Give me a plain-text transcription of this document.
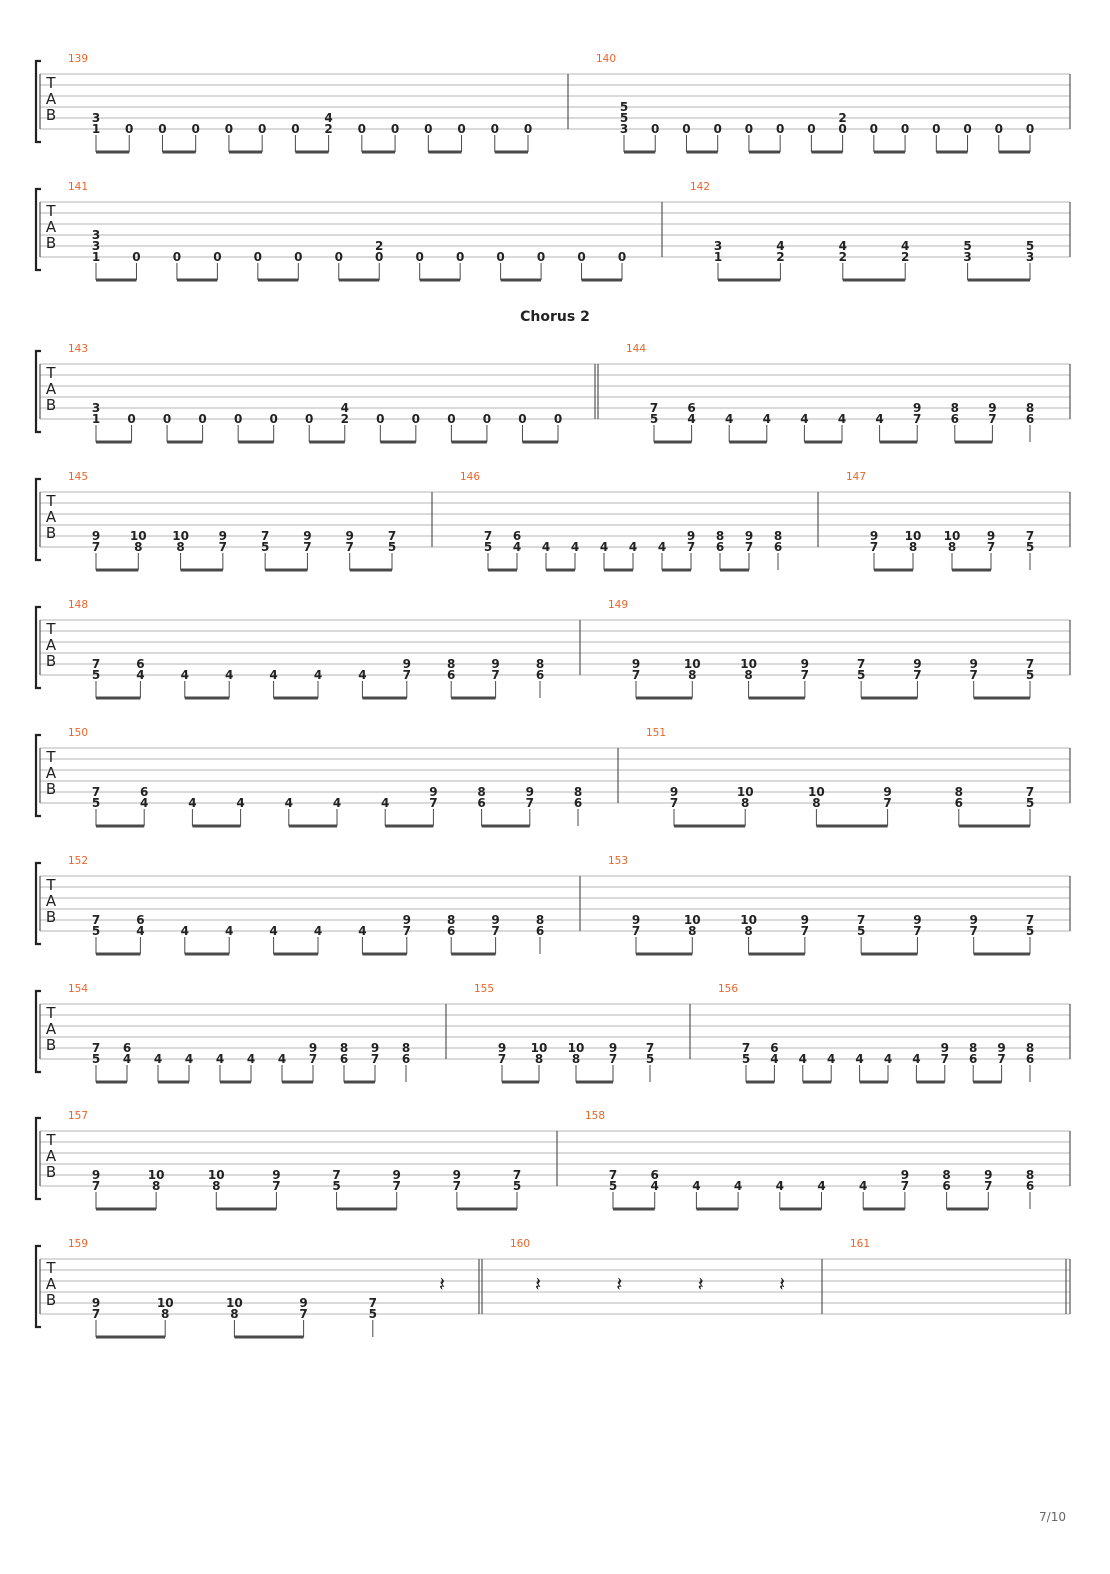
Chorus 2
T
A
B
139
3
1 0 0 0 0 0 0
4
2 0 0 0 0 0 0
140
5
5
3 0 0 0 0 0 0
2
0 0 0 0 0 0 0
T
A
B
141
3
3
1	0	0	0	0	0	0
2
0	0	0	0	0	0	0
142
3
1
4
2
4
2
4
2
5
3
5
3
T
A
B
143
3
1 0 0 0 0 0 0
4
2 0 0 0 0 0 0
144
7
5
6
4 4 4 4 4 4
9
7
8
6
9
7
8
6
T
A
B
145
9
7
10
8
10
8
9
7
7
5
9
7
9
7
7
5
146
7
5
6
4 4 4 4 4 4
9
7
8
6
9
7
8
6
147
9
7
10
8
10
8
9
7
7
5
T
A
B
148
7
5
6
4	4	4	4	4	4
9
7
8
6
9
7
8
6
149
9
7
10
8
10
8
9
7
7
5
9
7
9
7
7
5
T
A
B
150
7
5
6
4	4	4	4	4	4
9
7
8
6
9
7
8
6
151
9
7
10
8
10
8
9
7
8
6
7
5
T
A
B
152
7
5
6
4	4	4	4	4	4
9
7
8
6
9
7
8
6
153
9
7
10
8
10
8
9
7
7
5
9
7
9
7
7
5
T
A
B
154
7
5
6
4 4 4 4 4 4
9
7
8
6
9
7
8
6
155
9
7
10
8
10
8
9
7
7
5
156
7
5
6
4 4 4 4 4 4
9
7
8
6
9
7
8
6
T
A
B
157
9
7
10
8
10
8
9
7
7
5
9
7
9
7
7
5
158
7
5
6
4	4	4	4	4	4
9
7
8
6
9
7
8
6
T
A
B
159
9
7
10
8
10
8
9
7
7
5
𝄽
160
𝄽	𝄽	𝄽	𝄽
161
7/10
